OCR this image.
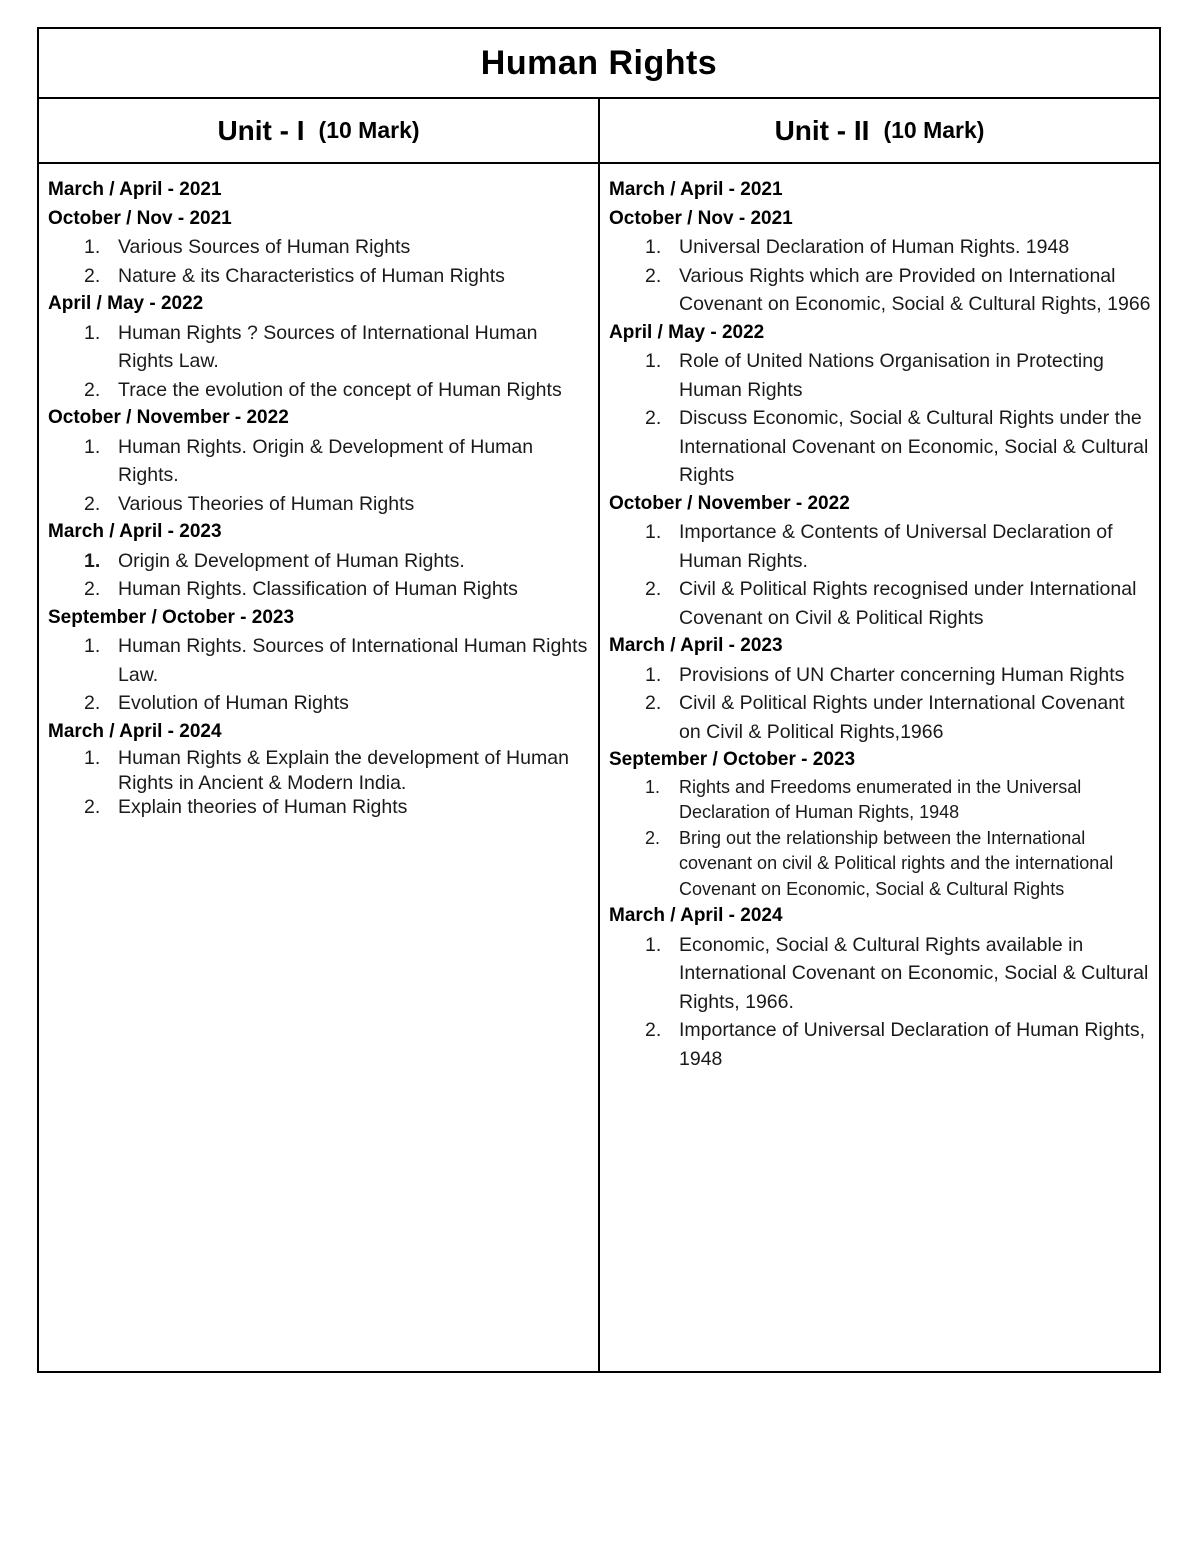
Human Rights
Unit - I (10 Mark)	Unit - II (10 Mark)
March / April - 2021
October / Nov - 2021
1. Various Sources of Human Rights
2. Nature & its Characteristics of Human Rights
April / May - 2022
1. Human Rights ? Sources of International Human Rights Law.
2. Trace the evolution of the concept of Human Rights
October / November - 2022
1. Human Rights. Origin & Development of Human Rights.
2. Various Theories of Human Rights
March / April - 2023
1. Origin & Development of Human Rights.
2. Human Rights. Classification of Human Rights
September / October - 2023
1. Human Rights. Sources of International Human Rights Law.
2. Evolution of Human Rights
March / April - 2024
1. Human Rights & Explain the development of Human Rights in Ancient & Modern India.
2. Explain theories of Human Rights
March / April - 2021
October / Nov - 2021
1. Universal Declaration of Human Rights. 1948
2. Various Rights which are Provided on International Covenant on Economic, Social & Cultural Rights, 1966
April / May - 2022
1. Role of United Nations Organisation in Protecting Human Rights
2. Discuss Economic, Social & Cultural Rights under the International Covenant on Economic, Social & Cultural Rights
October / November - 2022
1. Importance & Contents of Universal Declaration of Human Rights.
2. Civil & Political Rights recognised under International Covenant on Civil & Political Rights
March / April - 2023
1. Provisions of UN Charter concerning Human Rights
2. Civil & Political Rights under International Covenant on Civil & Political Rights,1966
September / October - 2023
1. Rights and Freedoms enumerated in the Universal Declaration of Human Rights, 1948
2. Bring out the relationship between the International covenant on civil & Political rights and the international Covenant on Economic, Social & Cultural Rights
March / April - 2024
1. Economic, Social & Cultural Rights available in International Covenant on Economic, Social & Cultural Rights, 1966.
2. Importance of Universal Declaration of Human Rights, 1948
